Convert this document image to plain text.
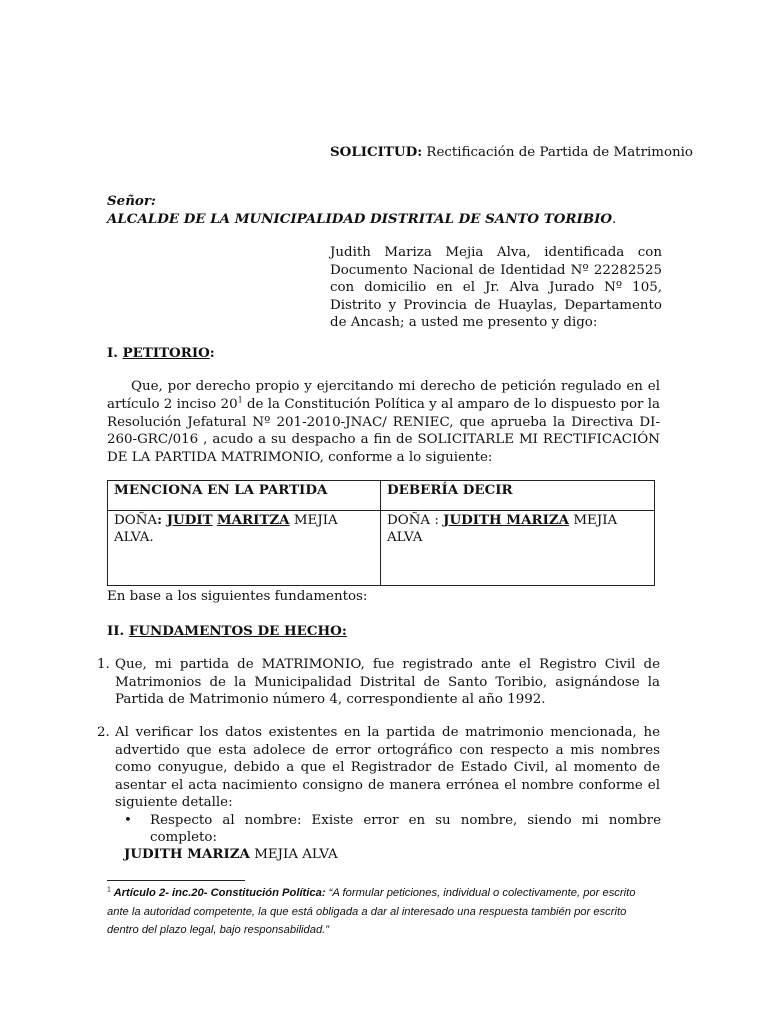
SOLICITUD: Rectificación de Partida de Matrimonio
Señor:
ALCALDE DE LA MUNICIPALIDAD DISTRITAL DE SANTO TORIBIO.
Judith Mariza Mejia Alva, identificada con Documento Nacional de Identidad Nº 22282525 con domicilio en el Jr. Alva Jurado Nº 105, Distrito y Provincia de Huaylas, Departamento de Ancash; a usted me presento y digo:
I. PETITORIO:
Que, por derecho propio y ejercitando mi derecho de petición regulado en el artículo 2 inciso $20^1$ de la Constitución Política y al amparo de lo dispuesto por la Resolución Jefatural Nº 201-2010-JNAC/ RENIEC, que aprueba la Directiva DI-260-GRC/016 , acudo a su despacho a fin de SOLICITARLE MI RECTIFICACIÓN DE LA PARTIDA MATRIMONIO, conforme a lo siguiente:
MENCIONA EN LA PARTIDA	DEBERÍA DECIR
DOÑA: JUDIT MARITZA MEJIA ALVA.	DOÑA : JUDITH MARIZA MEJIA ALVA
En base a los siguientes fundamentos:
II. FUNDAMENTOS DE HECHO:
1. Que, mi partida de MATRIMONIO, fue registrado ante el Registro Civil de Matrimonios de la Municipalidad Distrital de Santo Toribio, asignándose la Partida de Matrimonio número 4, correspondiente al año 1992.
2. Al verificar los datos existentes en la partida de matrimonio mencionada, he advertido que esta adolece de error ortográfico con respecto a mis nombres como conyugue, debido a que el Registrador de Estado Civil, al momento de asentar el acta nacimiento consigno de manera errónea el nombre conforme el siguiente detalle:
• Respecto al nombre: Existe error en su nombre, siendo mi nombre completo:
JUDITH MARIZA MEJIA ALVA
$^1$ Artículo 2- inc.20- Constitución Política: “A formular peticiones, individual o colectivamente, por escrito ante la autoridad competente, la que está obligada a dar al interesado una respuesta también por escrito dentro del plazo legal, bajo responsabilidad.”
